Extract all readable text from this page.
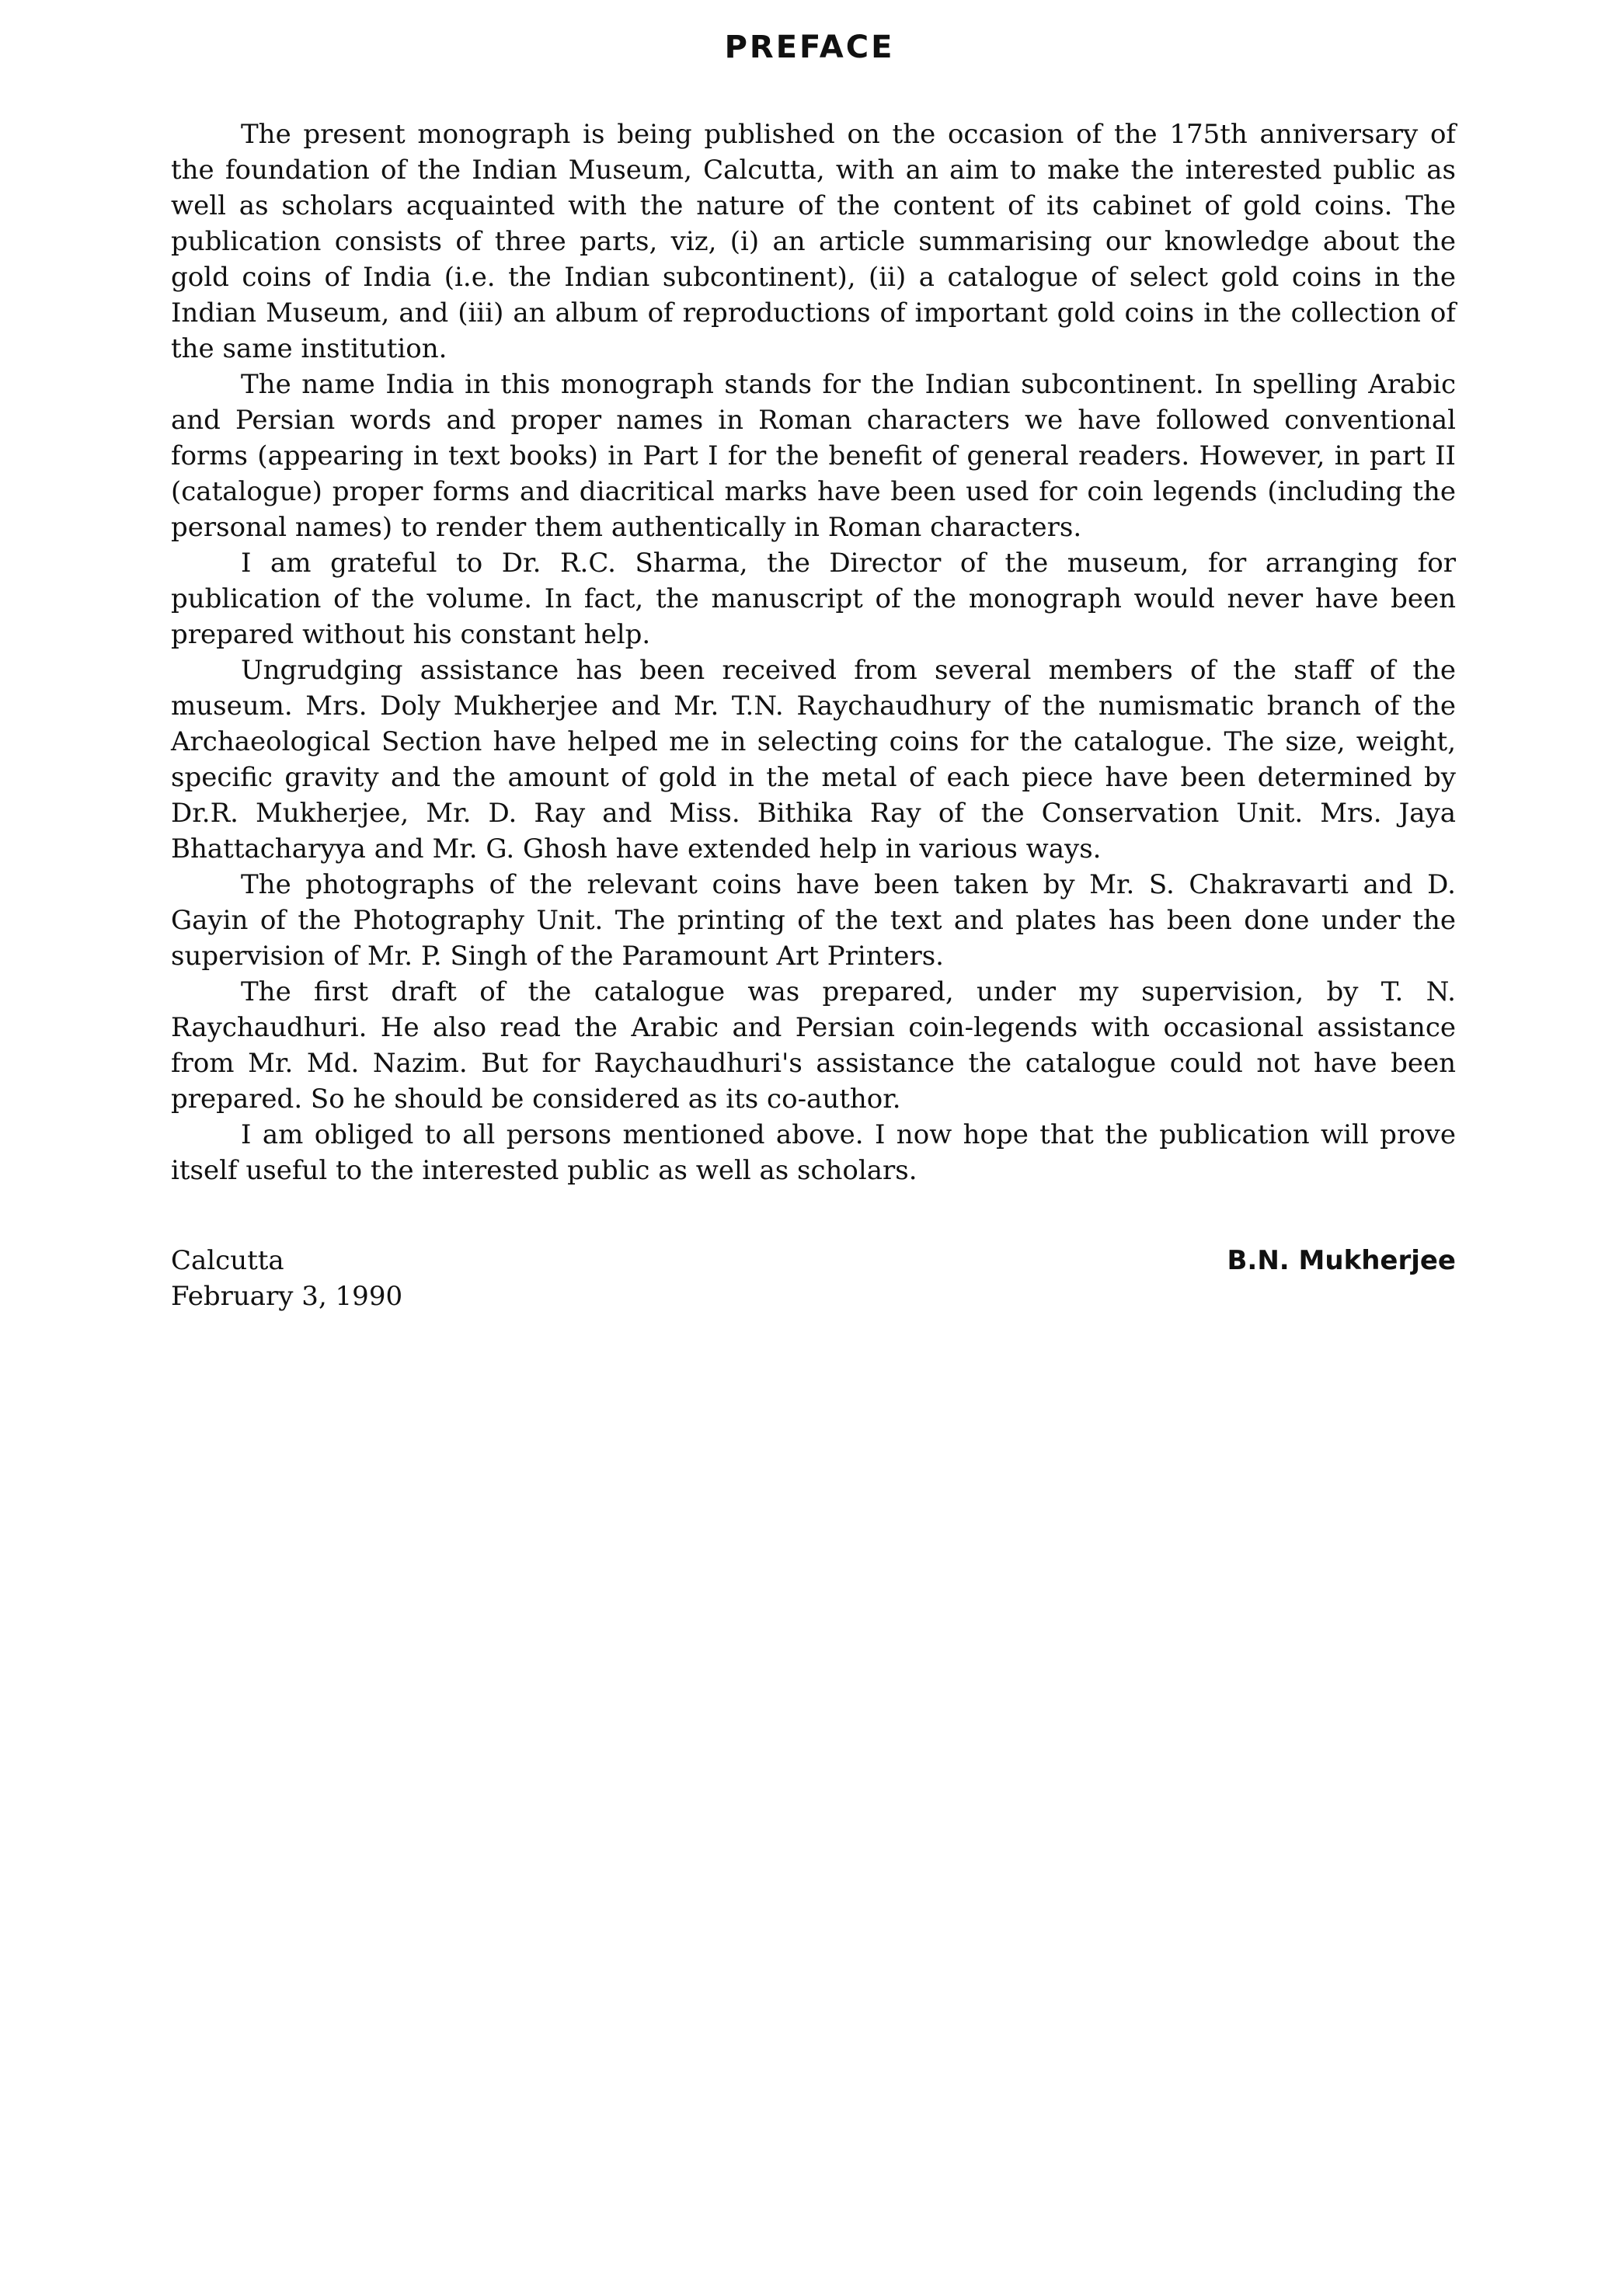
PREFACE

The present monograph is being published on the occasion of the 175th anniversary of the foundation of the Indian Museum, Calcutta, with an aim to make the interested public as well as scholars acquainted with the nature of the content of its cabinet of gold coins. The publication consists of three parts, viz, (i) an article summarising our knowledge about the gold coins of India (i.e. the Indian subcontinent), (ii) a catalogue of select gold coins in the Indian Museum, and (iii) an album of reproductions of important gold coins in the collection of the same institution.

The name India in this monograph stands for the Indian subcontinent. In spelling Arabic and Persian words and proper names in Roman characters we have followed conventional forms (appearing in text books) in Part I for the benefit of general readers. However, in part II (catalogue) proper forms and diacritical marks have been used for coin legends (including the personal names) to render them authentically in Roman characters.

I am grateful to Dr. R.C. Sharma, the Director of the museum, for arranging for publication of the volume. In fact, the manuscript of the monograph would never have been prepared without his constant help.

Ungrudging assistance has been received from several members of the staff of the museum. Mrs. Doly Mukherjee and Mr. T.N. Raychaudhury of the numismatic branch of the Archaeological Section have helped me in selecting coins for the catalogue. The size, weight, specific gravity and the amount of gold in the metal of each piece have been determined by Dr.R. Mukherjee, Mr. D. Ray and Miss. Bithika Ray of the Conservation Unit. Mrs. Jaya Bhattacharyya and Mr. G. Ghosh have extended help in various ways.

The photographs of the relevant coins have been taken by Mr. S. Chakravarti and D. Gayin of the Photography Unit. The printing of the text and plates has been done under the supervision of Mr. P. Singh of the Paramount Art Printers.

The first draft of the catalogue was prepared, under my supervision, by T. N. Raychaudhuri. He also read the Arabic and Persian coin-legends with occasional assistance from Mr. Md. Nazim. But for Raychaudhuri's assistance the catalogue could not have been prepared. So he should be considered as its co-author.

I am obliged to all persons mentioned above. I now hope that the publication will prove itself useful to the interested public as well as scholars.

Calcutta

February 3, 1990

B.N. Mukherjee
